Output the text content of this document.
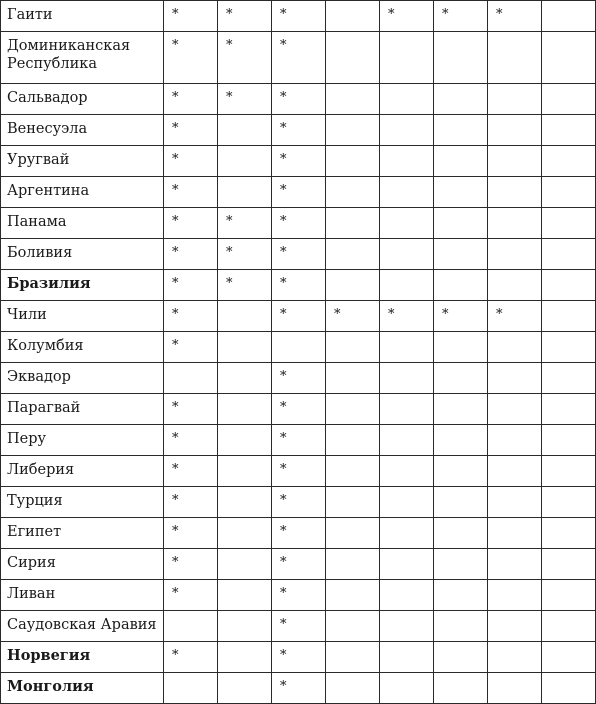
Гаити	*	*	*		*	*	*	
Доминиканская Республика	*	*	*					
Сальвадор	*	*	*					
Венесуэла	*		*					
Уругвай	*		*					
Аргентина	*		*					
Панама	*	*	*					
Боливия	*	*	*					
Бразилия	*	*	*					
Чили	*		*	*	*	*	*	
Колумбия	*							
Эквадор			*					
Парагвай	*		*					
Перу	*		*					
Либерия	*		*					
Турция	*		*					
Египет	*		*					
Сирия	*		*					
Ливан	*		*					
Саудовская Аравия			*					
Норвегия	*		*					
Монголия			*					
